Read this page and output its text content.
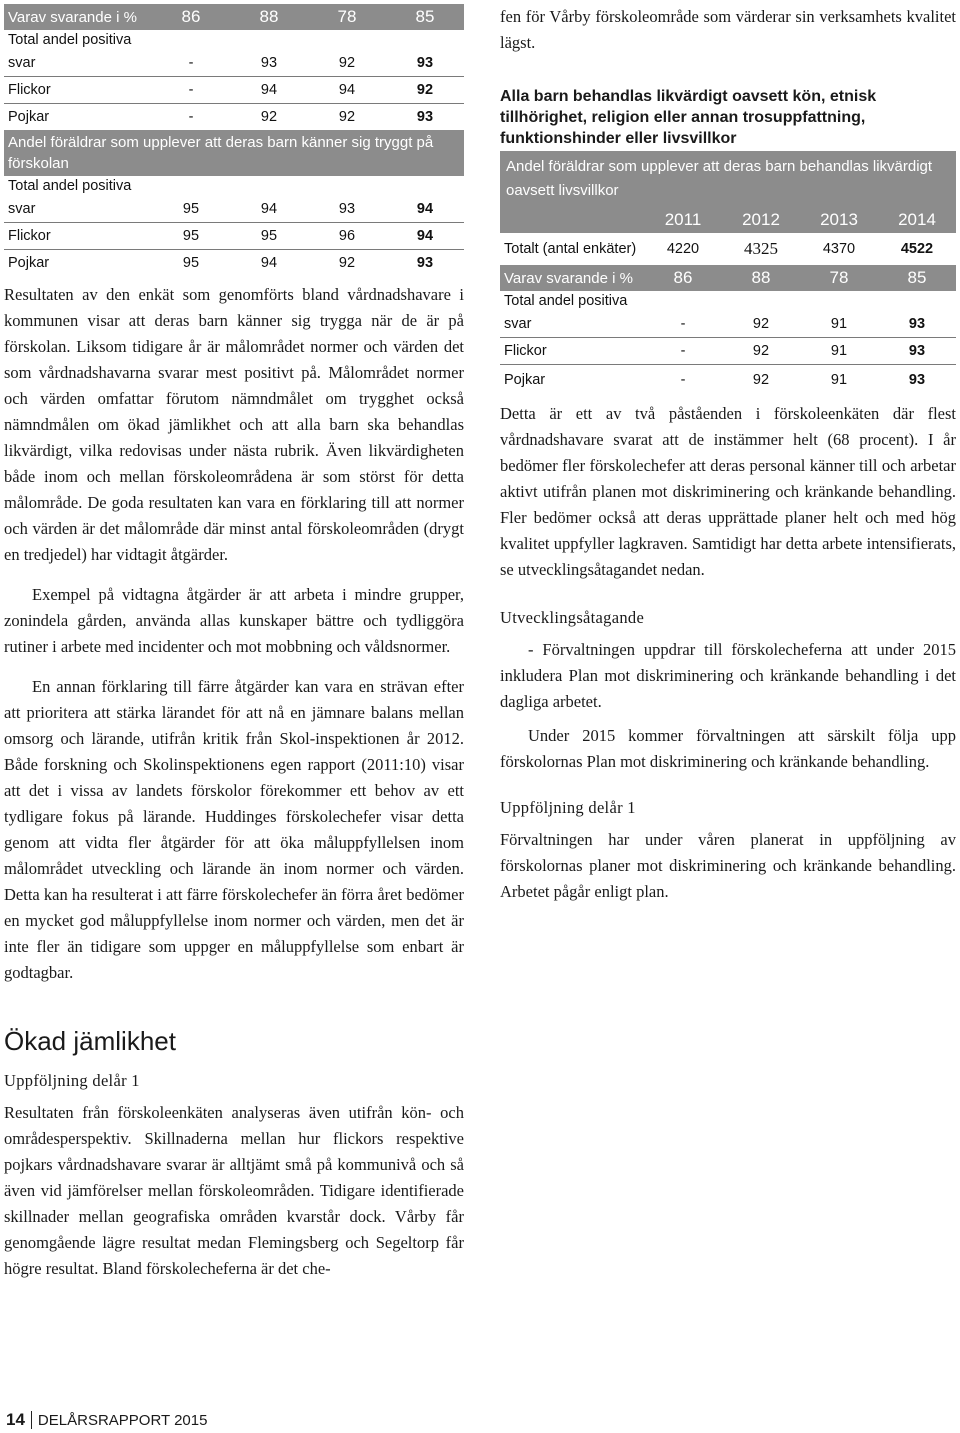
Varav svarande i %	86	88	78	85
Total andel positiva				
svar	-	93	92	93
Flickor	-	94	94	92
Pojkar	-	92	92	93
Andel föräldrar som upplever att deras barn känner sig tryggt på förskolan				
Total andel positiva				
svar	95	94	93	94
Flickor	95	95	96	94
Pojkar	95	94	92	93

Resultaten av den enkät som genomförts bland vårdnadshavare i kommunen visar att deras barn känner sig trygga när de är på förskolan. Liksom tidigare år är målområdet normer och värden det som vårdnadshavarna svarar mest positivt på. Målområdet normer och värden omfattar förutom nämndmålet om trygghet också nämndmålen om ökad jämlikhet och att alla barn ska behandlas likvärdigt, vilka redovisas under nästa rubrik. Även likvärdigheten både inom och mellan förskoleområdena är som störst för detta målområde. De goda resultaten kan vara en förklaring till att normer och värden är det målområde där minst antal förskoleområden (drygt en tredjedel) har vidtagit åtgärder.

Exempel på vidtagna åtgärder är att arbeta i mindre grupper, zonindela gården, använda allas kunskaper bättre och tydliggöra rutiner i arbete med incidenter och mot mobbning och våldsnormer.

En annan förklaring till färre åtgärder kan vara en strävan efter att prioritera att stärka lärandet för att nå en jämnare balans mellan omsorg och lärande, utifrån kritik från Skol-inspektionen år 2012. Både forskning och Skolinspektionens egen rapport (2011:10) visar att det i vissa av landets förskolor förekommer ett behov av ett tydligare fokus på lärande. Huddinges förskolechefer visar detta genom att vidta fler åtgärder för att öka måluppfyllelsen inom målområdet utveckling och lärande än inom normer och värden. Detta kan ha resulterat i att färre förskolechefer än förra året bedömer en mycket god måluppfyllelse inom normer och värden, men det är inte fler än tidigare som uppger en måluppfyllelse som enbart är godtagbar.

Ökad jämlikhet
Uppföljning delår 1

Resultaten från förskoleenkäten analyseras även utifrån kön- och områdesperspektiv. Skillnaderna mellan hur flickors respektive pojkars vårdnadshavare svarar är alltjämt små på kommunivå och så även vid jämförelser mellan förskoleområden. Tidigare identifierade skillnader mellan geografiska områden kvarstår dock. Vårby får genomgående lägre resultat medan Flemingsberg och Segeltorp får högre resultat. Bland förskolecheferna är det che-

fen för Vårby förskoleområde som värderar sin verksamhets kvalitet lägst.

Alla barn behandlas likvärdigt oavsett kön, etnisk tillhörighet, religion eller annan trosuppfattning, funktionshinder eller livsvillkor

Andel föräldrar som upplever att deras barn behandlas likvärdigt oavsett livsvillkor				
	2011	2012	2013	2014
Totalt (antal enkäter)	4220	4325	4370	4522
Varav svarande i %	86	88	78	85
Total andel positiva				
svar	-	92	91	93
Flickor	-	92	91	93
Pojkar	-	92	91	93

Detta är ett av två påståenden i förskoleenkäten där flest vårdnadshavare svarat att de instämmer helt (68 procent). I år bedömer fler förskolechefer att deras personal känner till och arbetar aktivt utifrån planen mot diskriminering och kränkande behandling. Fler bedömer också att deras upprättade planer helt och med hög kvalitet uppfyller lagkraven. Samtidigt har detta arbete intensifierats, se utvecklingsåtagandet nedan.

Utvecklingsåtagande

- Förvaltningen uppdrar till förskolecheferna att under 2015 inkludera Plan mot diskriminering och kränkande behandling i det dagliga arbetet.

Under 2015 kommer förvaltningen att särskilt följa upp förskolornas Plan mot diskriminering och kränkande behandling.

Uppföljning delår 1

Förvaltningen har under våren planerat in uppföljning av förskolornas planer mot diskriminering och kränkande behandling. Arbetet pågår enligt plan.

14 DELÅRSRAPPORT 2015
